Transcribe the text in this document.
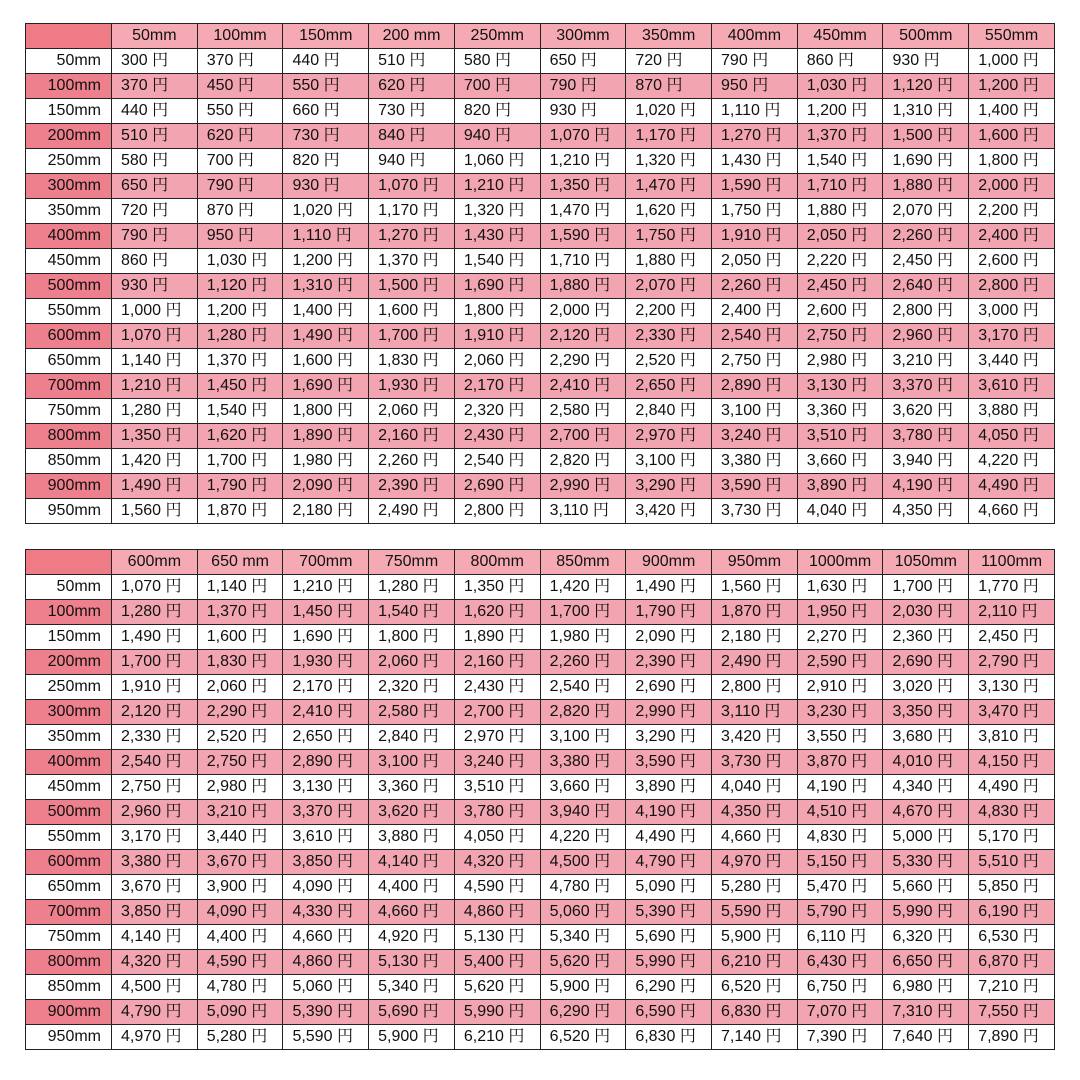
	50mm	100mm	150mm	200 mm	250mm	300mm	350mm	400mm	450mm	500mm	550mm
50mm	300 円	370 円	440 円	510 円	580 円	650 円	720 円	790 円	860 円	930 円	1,000 円
100mm	370 円	450 円	550 円	620 円	700 円	790 円	870 円	950 円	1,030 円	1,120 円	1,200 円
150mm	440 円	550 円	660 円	730 円	820 円	930 円	1,020 円	1,110 円	1,200 円	1,310 円	1,400 円
200mm	510 円	620 円	730 円	840 円	940 円	1,070 円	1,170 円	1,270 円	1,370 円	1,500 円	1,600 円
250mm	580 円	700 円	820 円	940 円	1,060 円	1,210 円	1,320 円	1,430 円	1,540 円	1,690 円	1,800 円
300mm	650 円	790 円	930 円	1,070 円	1,210 円	1,350 円	1,470 円	1,590 円	1,710 円	1,880 円	2,000 円
350mm	720 円	870 円	1,020 円	1,170 円	1,320 円	1,470 円	1,620 円	1,750 円	1,880 円	2,070 円	2,200 円
400mm	790 円	950 円	1,110 円	1,270 円	1,430 円	1,590 円	1,750 円	1,910 円	2,050 円	2,260 円	2,400 円
450mm	860 円	1,030 円	1,200 円	1,370 円	1,540 円	1,710 円	1,880 円	2,050 円	2,220 円	2,450 円	2,600 円
500mm	930 円	1,120 円	1,310 円	1,500 円	1,690 円	1,880 円	2,070 円	2,260 円	2,450 円	2,640 円	2,800 円
550mm	1,000 円	1,200 円	1,400 円	1,600 円	1,800 円	2,000 円	2,200 円	2,400 円	2,600 円	2,800 円	3,000 円
600mm	1,070 円	1,280 円	1,490 円	1,700 円	1,910 円	2,120 円	2,330 円	2,540 円	2,750 円	2,960 円	3,170 円
650mm	1,140 円	1,370 円	1,600 円	1,830 円	2,060 円	2,290 円	2,520 円	2,750 円	2,980 円	3,210 円	3,440 円
700mm	1,210 円	1,450 円	1,690 円	1,930 円	2,170 円	2,410 円	2,650 円	2,890 円	3,130 円	3,370 円	3,610 円
750mm	1,280 円	1,540 円	1,800 円	2,060 円	2,320 円	2,580 円	2,840 円	3,100 円	3,360 円	3,620 円	3,880 円
800mm	1,350 円	1,620 円	1,890 円	2,160 円	2,430 円	2,700 円	2,970 円	3,240 円	3,510 円	3,780 円	4,050 円
850mm	1,420 円	1,700 円	1,980 円	2,260 円	2,540 円	2,820 円	3,100 円	3,380 円	3,660 円	3,940 円	4,220 円
900mm	1,490 円	1,790 円	2,090 円	2,390 円	2,690 円	2,990 円	3,290 円	3,590 円	3,890 円	4,190 円	4,490 円
950mm	1,560 円	1,870 円	2,180 円	2,490 円	2,800 円	3,110 円	3,420 円	3,730 円	4,040 円	4,350 円	4,660 円
	600mm	650 mm	700mm	750mm	800mm	850mm	900mm	950mm	1000mm	1050mm	1100mm
50mm	1,070 円	1,140 円	1,210 円	1,280 円	1,350 円	1,420 円	1,490 円	1,560 円	1,630 円	1,700 円	1,770 円
100mm	1,280 円	1,370 円	1,450 円	1,540 円	1,620 円	1,700 円	1,790 円	1,870 円	1,950 円	2,030 円	2,110 円
150mm	1,490 円	1,600 円	1,690 円	1,800 円	1,890 円	1,980 円	2,090 円	2,180 円	2,270 円	2,360 円	2,450 円
200mm	1,700 円	1,830 円	1,930 円	2,060 円	2,160 円	2,260 円	2,390 円	2,490 円	2,590 円	2,690 円	2,790 円
250mm	1,910 円	2,060 円	2,170 円	2,320 円	2,430 円	2,540 円	2,690 円	2,800 円	2,910 円	3,020 円	3,130 円
300mm	2,120 円	2,290 円	2,410 円	2,580 円	2,700 円	2,820 円	2,990 円	3,110 円	3,230 円	3,350 円	3,470 円
350mm	2,330 円	2,520 円	2,650 円	2,840 円	2,970 円	3,100 円	3,290 円	3,420 円	3,550 円	3,680 円	3,810 円
400mm	2,540 円	2,750 円	2,890 円	3,100 円	3,240 円	3,380 円	3,590 円	3,730 円	3,870 円	4,010 円	4,150 円
450mm	2,750 円	2,980 円	3,130 円	3,360 円	3,510 円	3,660 円	3,890 円	4,040 円	4,190 円	4,340 円	4,490 円
500mm	2,960 円	3,210 円	3,370 円	3,620 円	3,780 円	3,940 円	4,190 円	4,350 円	4,510 円	4,670 円	4,830 円
550mm	3,170 円	3,440 円	3,610 円	3,880 円	4,050 円	4,220 円	4,490 円	4,660 円	4,830 円	5,000 円	5,170 円
600mm	3,380 円	3,670 円	3,850 円	4,140 円	4,320 円	4,500 円	4,790 円	4,970 円	5,150 円	5,330 円	5,510 円
650mm	3,670 円	3,900 円	4,090 円	4,400 円	4,590 円	4,780 円	5,090 円	5,280 円	5,470 円	5,660 円	5,850 円
700mm	3,850 円	4,090 円	4,330 円	4,660 円	4,860 円	5,060 円	5,390 円	5,590 円	5,790 円	5,990 円	6,190 円
750mm	4,140 円	4,400 円	4,660 円	4,920 円	5,130 円	5,340 円	5,690 円	5,900 円	6,110 円	6,320 円	6,530 円
800mm	4,320 円	4,590 円	4,860 円	5,130 円	5,400 円	5,620 円	5,990 円	6,210 円	6,430 円	6,650 円	6,870 円
850mm	4,500 円	4,780 円	5,060 円	5,340 円	5,620 円	5,900 円	6,290 円	6,520 円	6,750 円	6,980 円	7,210 円
900mm	4,790 円	5,090 円	5,390 円	5,690 円	5,990 円	6,290 円	6,590 円	6,830 円	7,070 円	7,310 円	7,550 円
950mm	4,970 円	5,280 円	5,590 円	5,900 円	6,210 円	6,520 円	6,830 円	7,140 円	7,390 円	7,640 円	7,890 円
